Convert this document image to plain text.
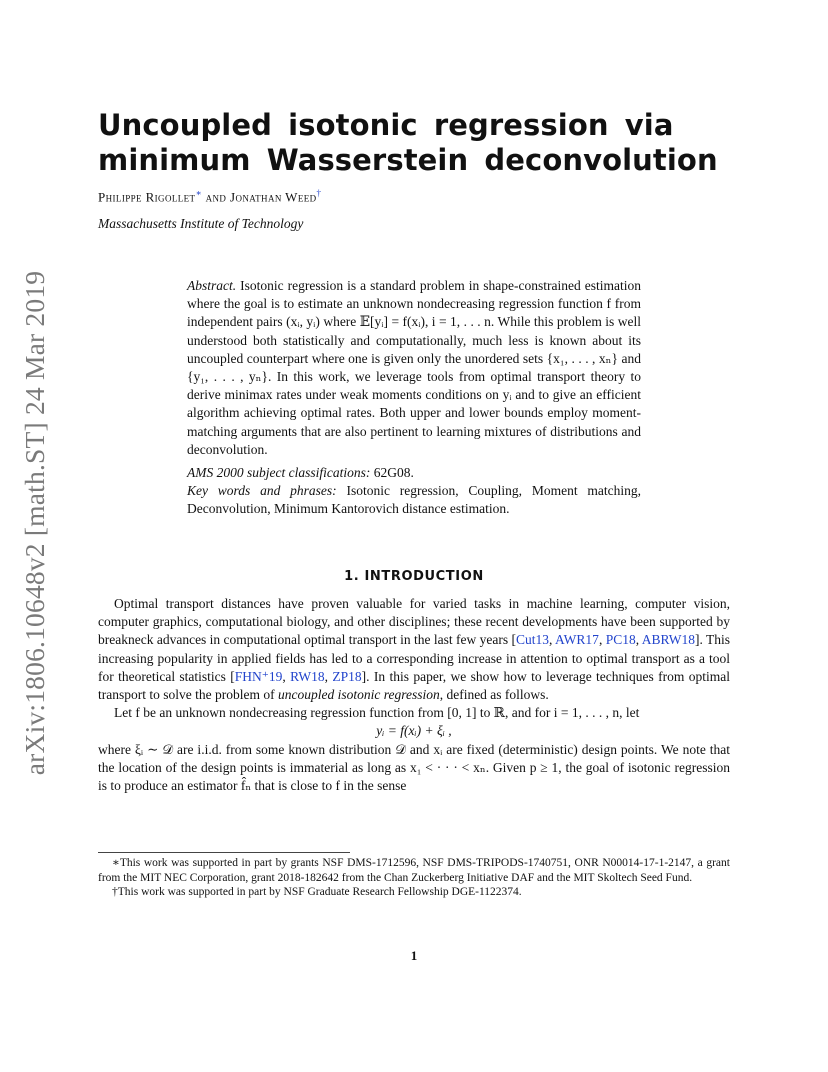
arXiv:1806.10648v2 [math.ST] 24 Mar 2019
Uncoupled isotonic regression via
minimum Wasserstein deconvolution
Philippe Rigollet∗ and Jonathan Weed†
Massachusetts Institute of Technology

Abstract. Isotonic regression is a standard problem in shape-constrained estimation where the goal is to estimate an unknown nondecreasing regression function f from independent pairs (xᵢ, yᵢ) where 𝔼[yᵢ] = f(xᵢ), i = 1, . . . n. While this problem is well understood both statistically and computationally, much less is known about its uncoupled counterpart where one is given only the unordered sets {x₁, . . . , xₙ} and {y₁, . . . , yₙ}. In this work, we leverage tools from optimal transport theory to derive minimax rates under weak moments conditions on yᵢ and to give an efficient algorithm achieving optimal rates. Both upper and lower bounds employ moment-matching arguments that are also pertinent to learning mixtures of distributions and deconvolution.

AMS 2000 subject classifications: 62G08.

Key words and phrases: Isotonic regression, Coupling, Moment matching, Deconvolution, Minimum Kantorovich distance estimation.

1. INTRODUCTION

Optimal transport distances have proven valuable for varied tasks in machine learning, computer vision, computer graphics, computational biology, and other disciplines; these recent developments have been supported by breakneck advances in computational optimal transport in the last few years [Cut13, AWR17, PC18, ABRW18]. This increasing popularity in applied fields has led to a corresponding increase in attention to optimal transport as a tool for theoretical statistics [FHN⁺19, RW18, ZP18]. In this paper, we show how to leverage techniques from optimal transport to solve the problem of uncoupled isotonic regression, defined as follows.

Let f be an unknown nondecreasing regression function from [0, 1] to ℝ, and for i = 1, . . . , n, let

yᵢ = f(xᵢ) + ξᵢ ,

where ξᵢ ∼ 𝒟 are i.i.d. from some known distribution 𝒟 and xᵢ are fixed (deterministic) design points. We note that the location of the design points is immaterial as long as x₁ < · · · < xₙ. Given p ≥ 1, the goal of isotonic regression is to produce an estimator f̂ₙ that is close to f in the sense

∗This work was supported in part by grants NSF DMS-1712596, NSF DMS-TRIPODS-1740751, ONR N00014-17-1-2147, a grant from the MIT NEC Corporation, grant 2018-182642 from the Chan Zuckerberg Initiative DAF and the MIT Skoltech Seed Fund.

†This work was supported in part by NSF Graduate Research Fellowship DGE-1122374.

1
